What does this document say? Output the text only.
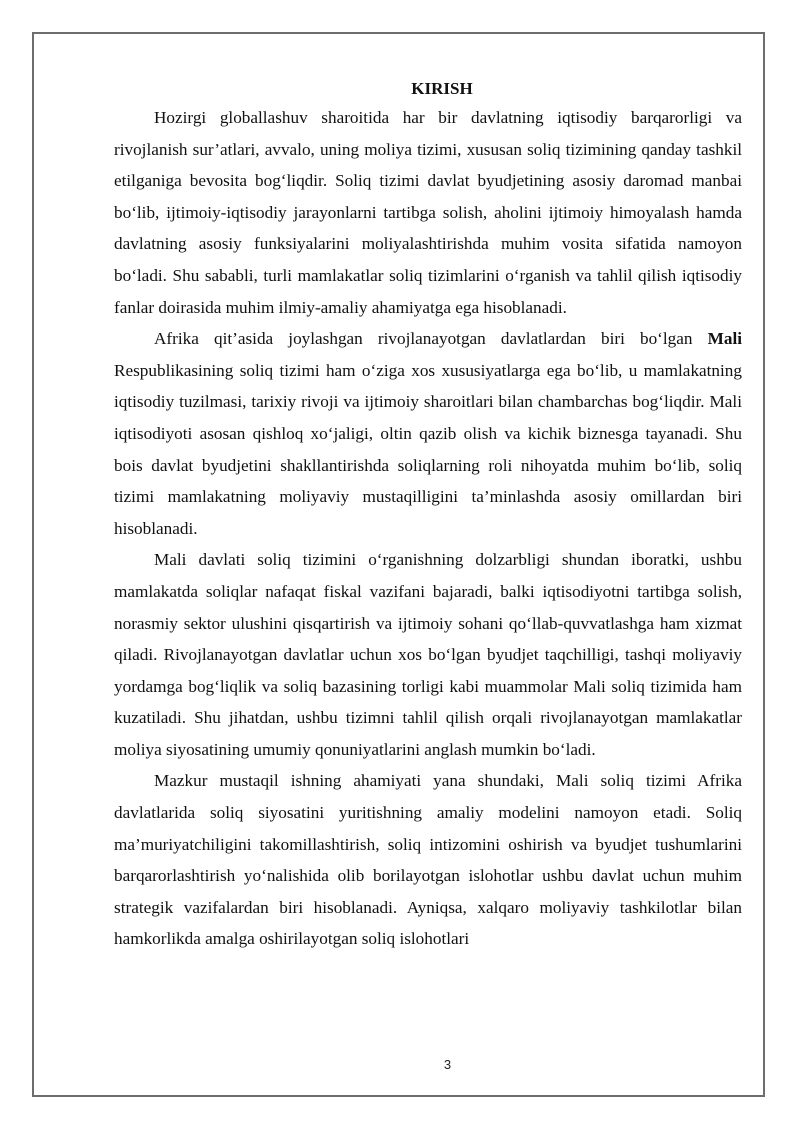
KIRISH

Hozirgi globallashuv sharoitida har bir davlatning iqtisodiy barqarorligi va rivojlanish sur’atlari, avvalo, uning moliya tizimi, xususan soliq tizimining qanday tashkil etilganiga bevosita bog‘liqdir. Soliq tizimi davlat byudjetining asosiy daromad manbai bo‘lib, ijtimoiy-iqtisodiy jarayonlarni tartibga solish, aholini ijtimoiy himoyalash hamda davlatning asosiy funksiyalarini moliyalashtirishda muhim vosita sifatida namoyon bo‘ladi. Shu sababli, turli mamlakatlar soliq tizimlarini o‘rganish va tahlil qilish iqtisodiy fanlar doirasida muhim ilmiy-amaliy ahamiyatga ega hisoblanadi.

Afrika qit’asida joylashgan rivojlanayotgan davlatlardan biri bo‘lgan Mali Respublikasining soliq tizimi ham o‘ziga xos xususiyatlarga ega bo‘lib, u mamlakatning iqtisodiy tuzilmasi, tarixiy rivoji va ijtimoiy sharoitlari bilan chambarchas bog‘liqdir. Mali iqtisodiyoti asosan qishloq xo‘jaligi, oltin qazib olish va kichik biznesga tayanadi. Shu bois davlat byudjetini shakllantirishda soliqlarning roli nihoyatda muhim bo‘lib, soliq tizimi mamlakatning moliyaviy mustaqilligini ta’minlashda asosiy omillardan biri hisoblanadi.

Mali davlati soliq tizimini o‘rganishning dolzarbligi shundan iboratki, ushbu mamlakatda soliqlar nafaqat fiskal vazifani bajaradi, balki iqtisodiyotni tartibga solish, norasmiy sektor ulushini qisqartirish va ijtimoiy sohani qo‘llab-quvvatlashga ham xizmat qiladi. Rivojlanayotgan davlatlar uchun xos bo‘lgan byudjet taqchilligi, tashqi moliyaviy yordamga bog‘liqlik va soliq bazasining torligi kabi muammolar Mali soliq tizimida ham kuzatiladi. Shu jihatdan, ushbu tizimni tahlil qilish orqali rivojlanayotgan mamlakatlar moliya siyosatining umumiy qonuniyatlarini anglash mumkin bo‘ladi.

Mazkur mustaqil ishning ahamiyati yana shundaki, Mali soliq tizimi Afrika davlatlarida soliq siyosatini yuritishning amaliy modelini namoyon etadi. Soliq ma’muriyatchiligini takomillashtirish, soliq intizomini oshirish va byudjet tushumlarini barqarorlashtirish yo‘nalishida olib borilayotgan islohotlar ushbu davlat uchun muhim strategik vazifalardan biri hisoblanadi. Ayniqsa, xalqaro moliyaviy tashkilotlar bilan hamkorlikda amalga oshirilayotgan soliq islohotlari

3
